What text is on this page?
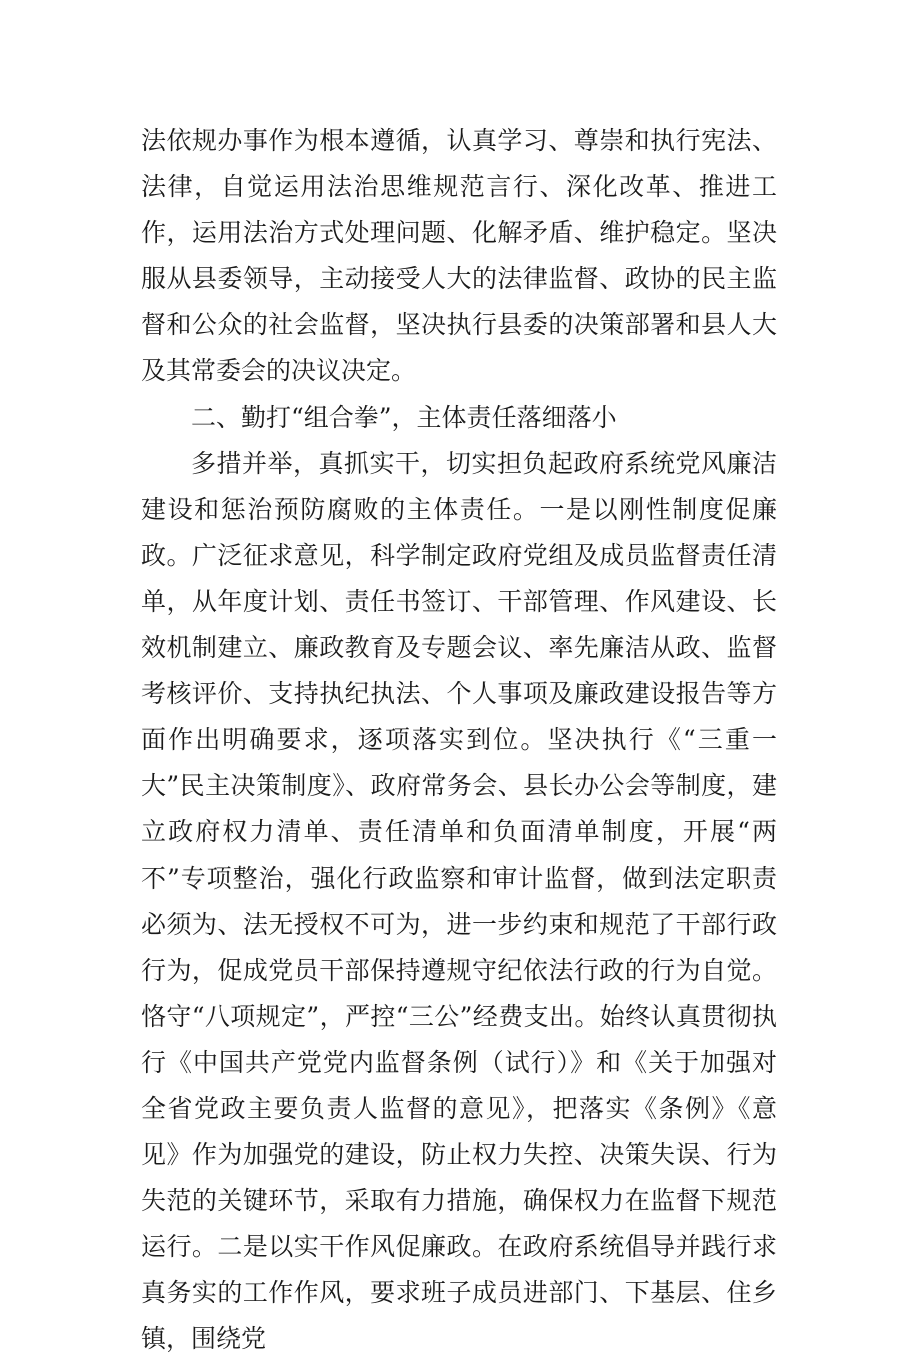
法依规办事作为根本遵循，认真学习、尊崇和执行宪法、法律，自觉运用法治思维规范言行、深化改革、推进工作，运用法治方式处理问题、化解矛盾、维护稳定。坚决服从县委领导，主动接受人大的法律监督、政协的民主监督和公众的社会监督，坚决执行县委的决策部署和县人大及其常委会的决议决定。

二、勤打“组合拳”，主体责任落细落小

多措并举，真抓实干，切实担负起政府系统党风廉洁建设和惩治预防腐败的主体责任。一是以刚性制度促廉政。广泛征求意见，科学制定政府党组及成员监督责任清单，从年度计划、责任书签订、干部管理、作风建设、长效机制建立、廉政教育及专题会议、率先廉洁从政、监督考核评价、支持执纪执法、个人事项及廉政建设报告等方面作出明确要求，逐项落实到位。坚决执行《“三重一大”民主决策制度》、政府常务会、县长办公会等制度，建立政府权力清单、责任清单和负面清单制度，开展“两不”专项整治，强化行政监察和审计监督，做到法定职责必须为、法无授权不可为，进一步约束和规范了干部行政行为，促成党员干部保持遵规守纪依法行政的行为自觉。恪守“八项规定”，严控“三公”经费支出。始终认真贯彻执行《中国共产党党内监督条例（试行）》和《关于加强对全省党政主要负责人监督的意见》，把落实《条例》《意见》作为加强党的建设，防止权力失控、决策失误、行为失范的关键环节，采取有力措施，确保权力在监督下规范运行。二是以实干作风促廉政。在政府系统倡导并践行求真务实的工作作风，要求班子成员进部门、下基层、住乡镇，围绕党
